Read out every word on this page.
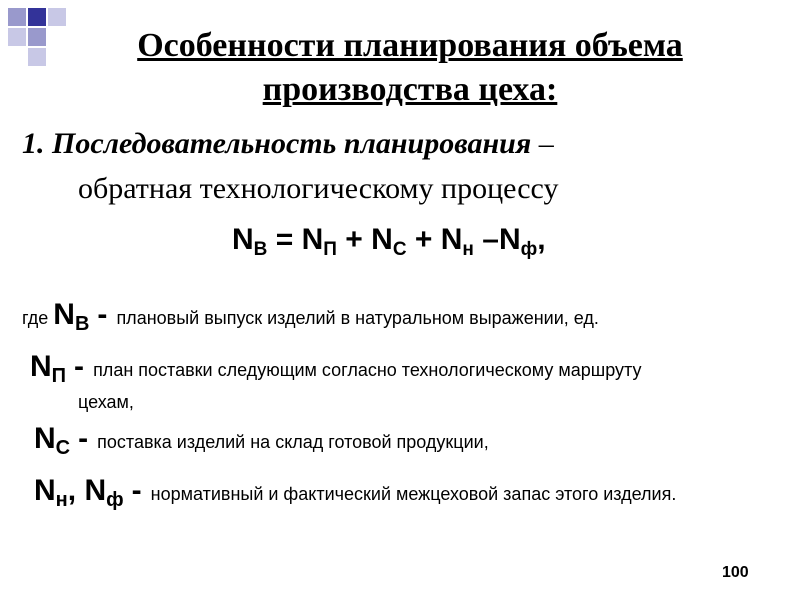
Особенности планирования объема
производства цеха:
1. Последовательность планирования –
обратная технологическому процессу
$N_В = N_П + N_С + N_н$ $-N_ф$,
где $N_В$ - плановый выпуск изделий в натуральном выражении, ед.
$N_П$ - план поставки следующим согласно технологическому маршруту
цехам,
$N_С$ - поставка изделий на склад готовой продукции,
$N_н$, $N_ф$ - нормативный и фактический межцеховой запас этого изделия.
100
